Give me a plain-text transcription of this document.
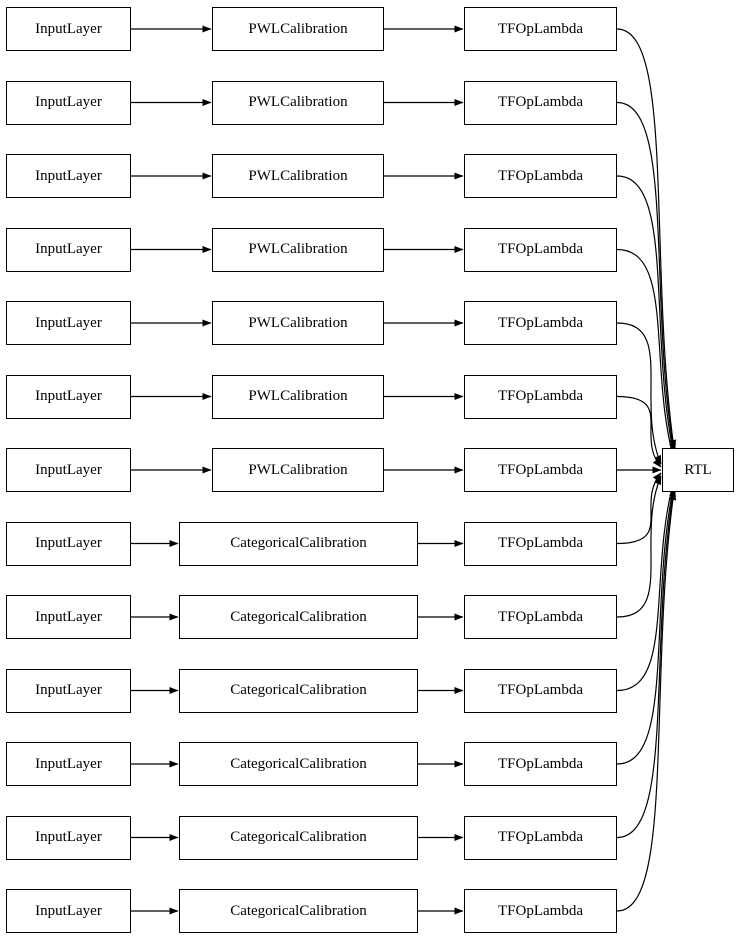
InputLayer	PWLCalibration	TFOpLambda
InputLayer	PWLCalibration	TFOpLambda
InputLayer	PWLCalibration	TFOpLambda
InputLayer	PWLCalibration	TFOpLambda
InputLayer	PWLCalibration	TFOpLambda
InputLayer	PWLCalibration	TFOpLambda
InputLayer	PWLCalibration	TFOpLambda
InputLayer	CategoricalCalibration	TFOpLambda
InputLayer	CategoricalCalibration	TFOpLambda
InputLayer	CategoricalCalibration	TFOpLambda
InputLayer	CategoricalCalibration	TFOpLambda
InputLayer	CategoricalCalibration	TFOpLambda
InputLayer	CategoricalCalibration	TFOpLambda
RTL
